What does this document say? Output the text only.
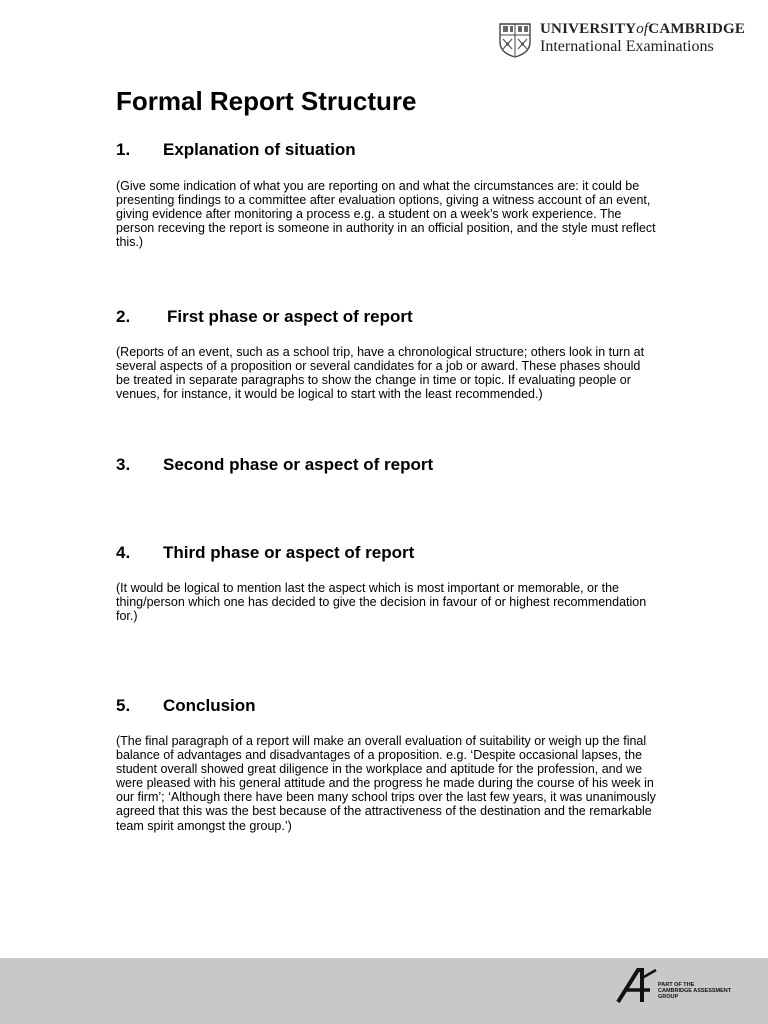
UNIVERSITYofCAMBRIDGE
International Examinations
Formal Report Structure
1. Explanation of situation

(Give some indication of what you are reporting on and what the circumstances are: it could be presenting findings to a committee after evaluation options, giving a witness account of an event, giving evidence after monitoring a process e.g. a student on a week’s work experience. The person receving the report is someone in authority in an official position, and the style must reflect this.)

2. First phase or aspect of report

(Reports of an event, such as a school trip, have a chronological structure; others look in turn at several aspects of a proposition or several candidates for a job or award. These phases should be treated in separate paragraphs to show the change in time or topic. If evaluating people or venues, for instance, it would be logical to start with the least recommended.)

3. Second phase or aspect of report
4. Third phase or aspect of report

(It would be logical to mention last the aspect which is most important or memorable, or the thing/person which one has decided to give the decision in favour of or highest recommendation for.)

5. Conclusion

(The final paragraph of a report will make an overall evaluation of suitability or weigh up the final balance of advantages and disadvantages of a proposition. e.g. ‘Despite occasional lapses, the student overall showed great diligence in the workplace and aptitude for the profession, and we were pleased with his general attitude and the progress he made during the course of his week in our firm’; ‘Although there have been many school trips over the last few years, it was unanimously agreed that this was the best because of the attractiveness of the destination and the remarkable team spirit amongst the group.’)

PART OF THE
CAMBRIDGE ASSESSMENT
GROUP
